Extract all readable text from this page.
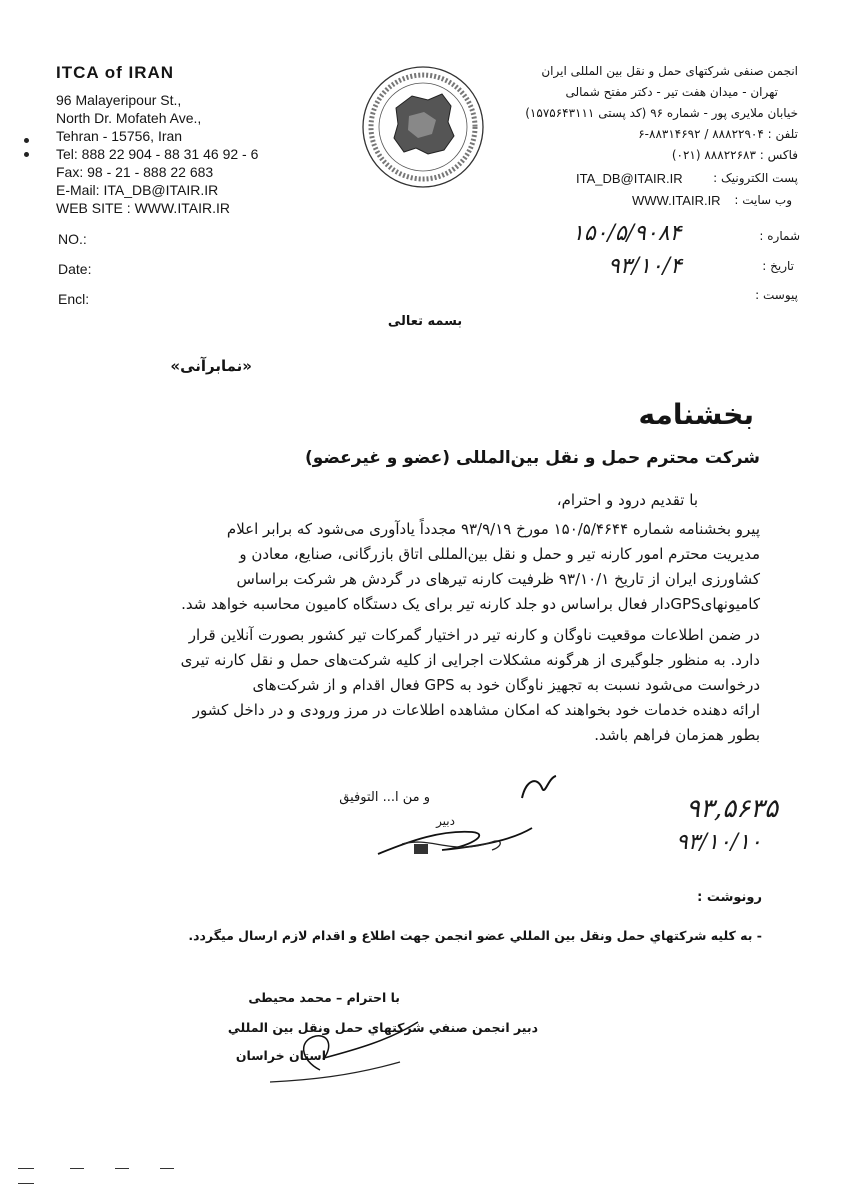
ITCA of IRAN
96 Malayeripour St.,
North Dr. Mofateh Ave.,
Tehran - 15756, Iran
Tel: 888 22 904 - 88 31 46 92 - 6
Fax: 98 - 21 - 888 22 683
E-Mail: ITA_DB@ITAIR.IR
WEB SITE : WWW.ITAIR.IR
انجمن صنفی شرکتهای حمل و نقل بین المللی ایران
تهران - میدان هفت تیر - دکتر مفتح شمالی
خیابان ملایری پور - شماره ۹۶ (کد پستی ۱۵۷۵۶۴۳۱۱۱)
تلفن : ۸۸۸۲۲۹۰۴ / ۸۸۳۱۴۶۹۲-۶
فاکس : ۸۸۸۲۲۶۸۳ (۰۲۱)
پست الکترونیک :
ITA_DB@ITAIR.IR
وب سایت :
WWW.ITAIR.IR
NO.:
Date:
Encl:
شماره :
۱۵۰/۵/۹۰۸۴
تاریخ :
۹۳/۱۰/۴
پیوست :
بسمه تعالی
«نمابرآنی»
بخشنامه
شرکت محترم حمل و نقل بین‌المللی (عضو و غیرعضو)
با تقدیم درود و احترام،
پیرو بخشنامه شماره ۱۵۰/۵/۴۶۴۴ مورخ ۹۳/۹/۱۹ مجدداً یادآوری می‌شود که برابر اعلام
مدیریت محترم امور کارنه تیر و حمل و نقل بین‌المللی اتاق بازرگانی، صنایع، معادن و
کشاورزی ایران از تاریخ ۹۳/۱۰/۱ ظرفیت کارنه تیرهای در گردش هر شرکت براساس
کامیونهایGPSدار فعال براساس دو جلد کارنه تیر برای یک دستگاه کامیون محاسبه خواهد شد.
در ضمن اطلاعات موقعیت ناوگان و کارنه تیر در اختیار گمرکات تیر کشور بصورت آنلاین قرار
دارد. به منظور جلوگیری از هرگونه مشکلات اجرایی از کلیه شرکت‌های حمل و نقل کارنه تیری
درخواست می‌شود نسبت به تجهیز ناوگان خود به GPS فعال اقدام و از شرکت‌های
ارائه دهنده خدمات خود بخواهند که امکان مشاهده اطلاعات در مرز ورودی و در داخل کشور
بطور همزمان فراهم باشد.
و من ا... التوفیق
دبیر	۹۳,۵۶۳۵
۹۳/۱۰/۱۰
رونوشت :
- به کلیه شرکتهاي حمل ونقل بين المللي عضو انجمن جهت اطلاع و اقدام لازم ارسال ميگردد.
با احترام – محمد محیطی
دبیر انجمن صنفي شرکتهاي حمل ونقل بين المللي
استان خراسان
